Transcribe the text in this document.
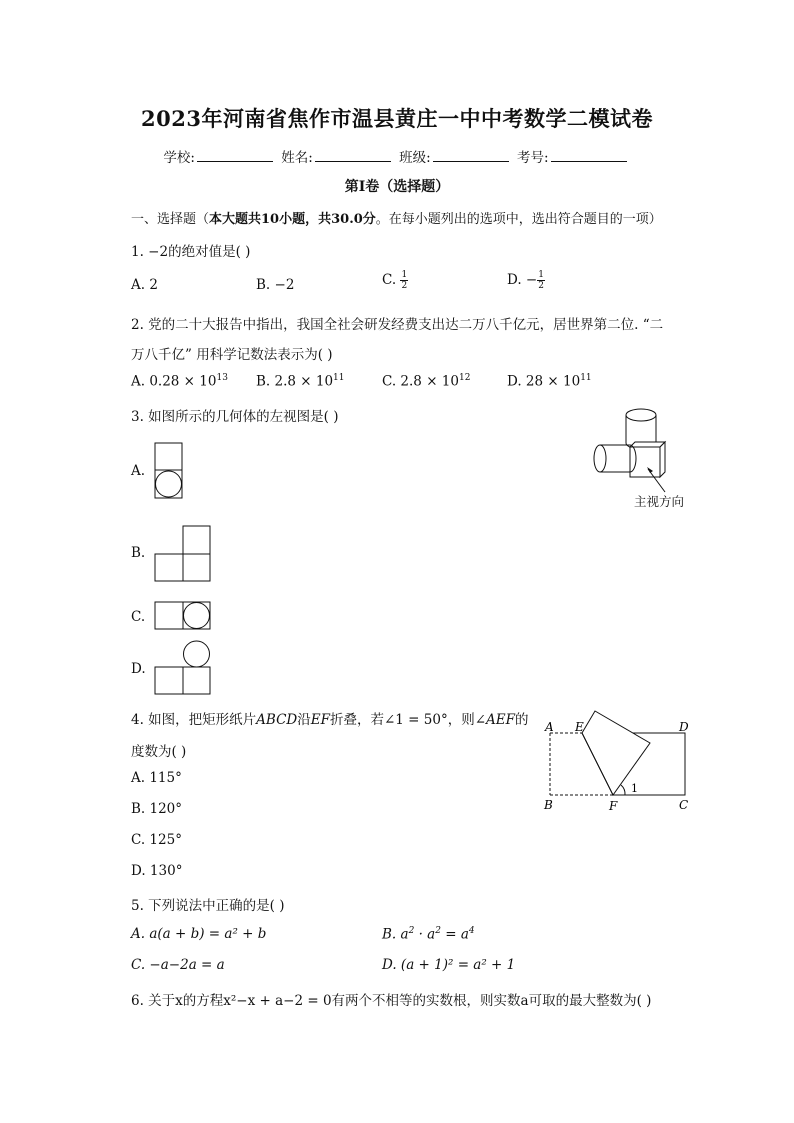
2023年河南省焦作市温县黄庄一中中考数学二模试卷
学校:	姓名:	班级:	考号:
第Ⅰ卷（选择题）
一、选择题（本大题共10小题，共30.0分。在每小题列出的选项中，选出符合题目的一项）
1. −2的绝对值是( )
A. 2	B. −2	C. $\frac{1}{2}$	D. − $\frac{1}{2}$
2. 党的二十大报告中指出，我国全社会研发经费支出达二万八千亿元，居世界第二位. “二
万八千亿” 用科学记数法表示为( )
A. $0.28 \times 10^{13}$ B. $2.8 \times 10^{11}$	C. $2.8 \times 10^{12}$	D. $28 \times 10^{11}$
3. 如图所示的几何体的左视图是( )
主视方向
A.
B.
C.
D.
4. 如图，把矩形纸片ABCD沿EF折叠，若∠1 = 50°，则∠AEF的
度数为( )
A. 115°
B. 120°
C. 125°
D. 130°
A E	D
B	F	C
1
5. 下列说法中正确的是( )
A. a(a + b) = a² + b	B. $a^2 \cdot a^2 = a^4$
C. −a−2a = a	D. (a + 1)² = a² + 1
6. 关于x的方程x²−x + a−2 = 0有两个不相等的实数根，则实数a可取的最大整数为( )
